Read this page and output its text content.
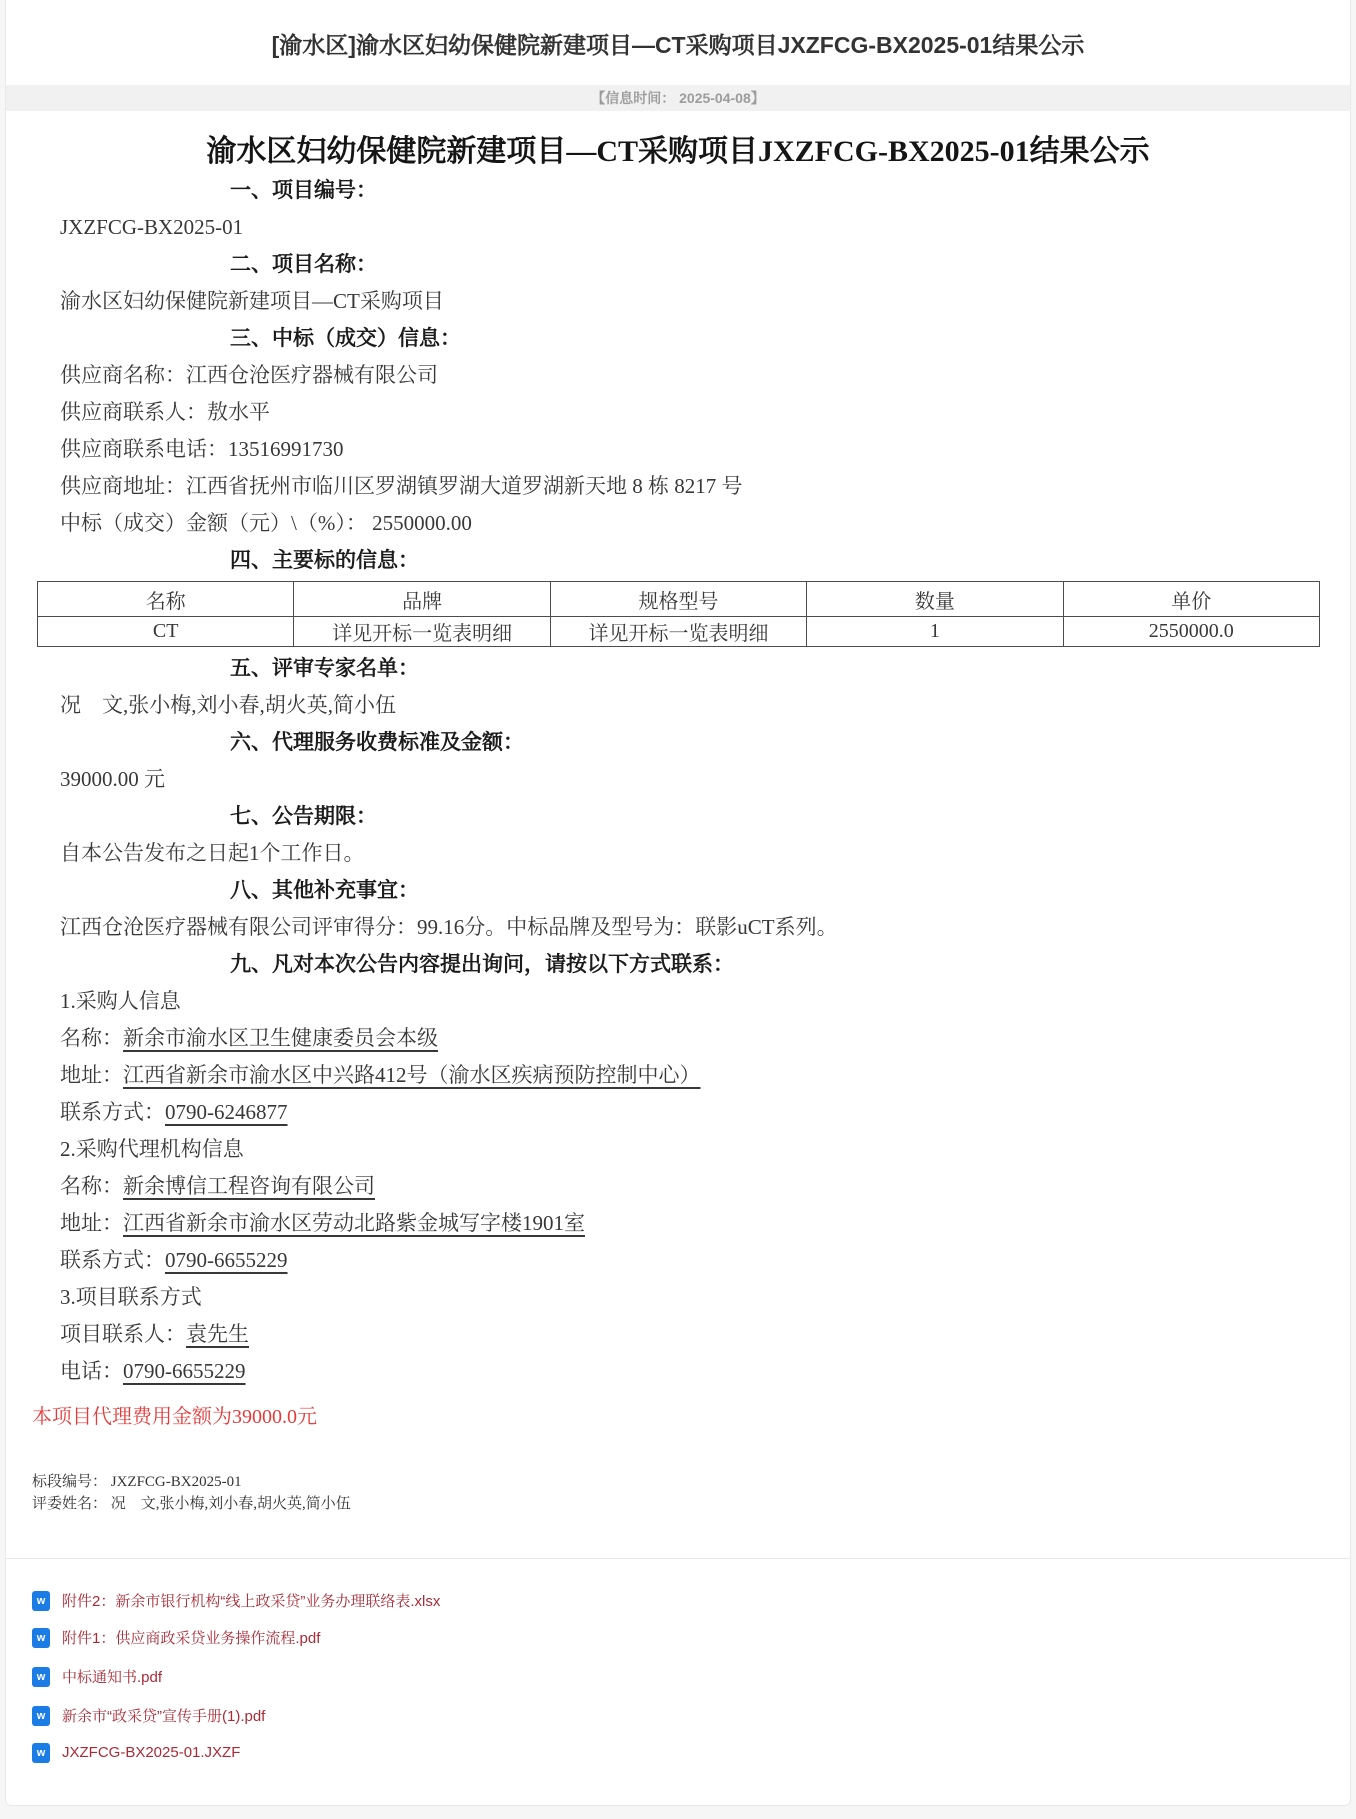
[渝水区]渝水区妇幼保健院新建项目—CT采购项目JXZFCG-BX2025-01结果公示
【信息时间： 2025-04-08】
渝水区妇幼保健院新建项目—CT采购项目JXZFCG-BX2025-01结果公示

一、项目编号：

JXZFCG-BX2025-01

二、项目名称：

渝水区妇幼保健院新建项目—CT采购项目

三、中标（成交）信息：

供应商名称：江西仓沧医疗器械有限公司

供应商联系人：敖水平

供应商联系电话：13516991730

供应商地址：江西省抚州市临川区罗湖镇罗湖大道罗湖新天地 8 栋 8217 号

中标（成交）金额（元）\（%）： 2550000.00

四、主要标的信息：

名称	品牌	规格型号	数量	单价
CT	详见开标一览表明细	详见开标一览表明细	1	2550000.0

五、评审专家名单：

况　文,张小梅,刘小春,胡火英,简小伍

六、代理服务收费标准及金额：

39000.00 元

七、公告期限：

自本公告发布之日起1个工作日。

八、其他补充事宜：

江西仓沧医疗器械有限公司评审得分：99.16分。中标品牌及型号为：联影uCT系列。

九、凡对本次公告内容提出询问，请按以下方式联系：

1.采购人信息

名称：新余市渝水区卫生健康委员会本级

地址：江西省新余市渝水区中兴路412号（渝水区疾病预防控制中心）

联系方式：0790-6246877

2.采购代理机构信息

名称：新余博信工程咨询有限公司

地址：江西省新余市渝水区劳动北路紫金城写字楼1901室

联系方式：0790-6655229

3.项目联系方式

项目联系人：袁先生

电话：0790-6655229

本项目代理费用金额为39000.0元

标段编号： JXZFCG-BX2025-01
评委姓名： 况　文,张小梅,刘小春,胡火英,简小伍
w	附件2：新余市银行机构“线上政采贷”业务办理联络表.xlsx
w	附件1：供应商政采贷业务操作流程.pdf
w	中标通知书.pdf
w	新余市“政采贷”宣传手册(1).pdf
w	JXZFCG-BX2025-01.JXZF
